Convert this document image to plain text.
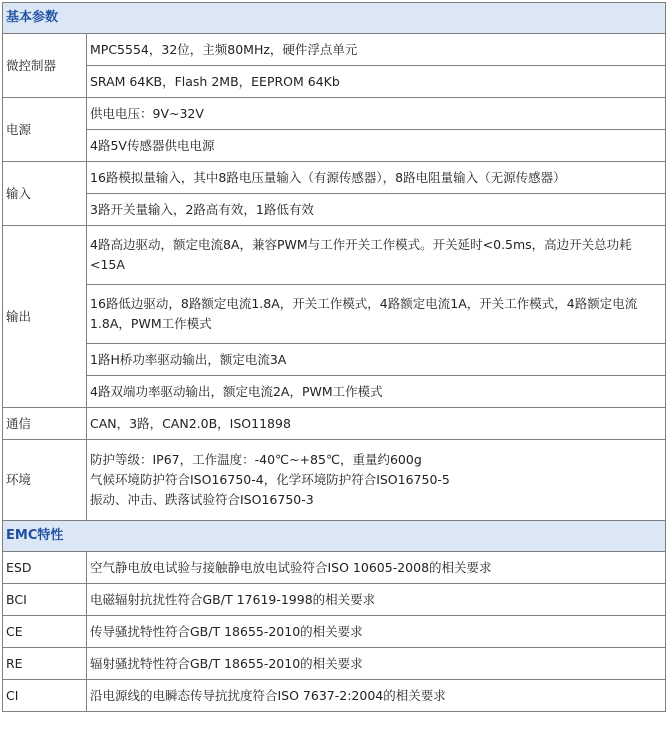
基本参数	
微控制器	MPC5554，32位，主频80MHz，硬件浮点单元
	SRAM 64KB，Flash 2MB，EEPROM 64Kb
电源	供电电压：9V~32V
	4路5V传感器供电电源
输入	16路模拟量输入，其中8路电压量输入（有源传感器），8路电阻量输入（无源传感器）
	3路开关量输入，2路高有效，1路低有效
输出	4路高边驱动，额定电流8A，兼容PWM与工作开关工作模式。开关延时<0.5ms，高边开关总功耗<15A
	16路低边驱动，8路额定电流1.8A，开关工作模式，4路额定电流1A，开关工作模式，4路额定电流1.8A，PWM工作模式
	1路H桥功率驱动输出，额定电流3A
	4路双端功率驱动输出，额定电流2A，PWM工作模式
通信	CAN，3路，CAN2.0B，ISO11898
环境	防护等级：IP67，工作温度：-40℃~+85℃，重量约600g
气候环境防护符合ISO16750-4，化学环境防护符合ISO16750-5
振动、冲击、跌落试验符合ISO16750-3

EMC特性	
ESD	空气静电放电试验与接触静电放电试验符合ISO 10605-2008的相关要求
BCI	电磁辐射抗扰性符合GB/T 17619-1998的相关要求
CE	传导骚扰特性符合GB/T 18655-2010的相关要求
RE	辐射骚扰特性符合GB/T 18655-2010的相关要求
CI	沿电源线的电瞬态传导抗扰度符合ISO 7637-2:2004的相关要求
